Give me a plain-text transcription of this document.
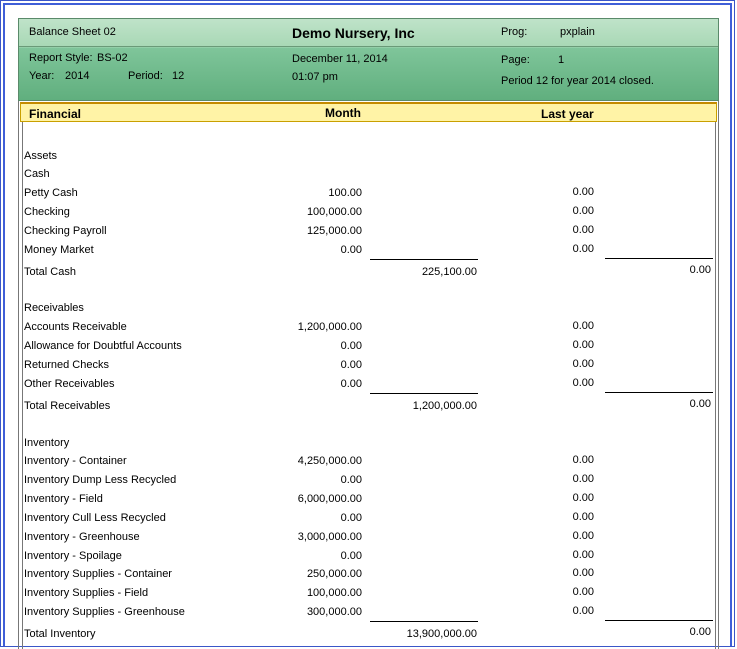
Balance Sheet 02	Demo Nursery, Inc	Prog:	pxplain
Report Style: BS-02
Year: 2014	Period: 12
December 11, 2014
01:07 pm
Page:	1
Period 12 for year 2014 closed.
Financial	Month	Last year
Assets
Cash
Petty Cash	100.00	0.00
Checking	100,000.00	0.00
Checking Payroll	125,000.00	0.00
Money Market	0.00	0.00
Total Cash	225,100.00	0.00
Receivables
Accounts Receivable	1,200,000.00	0.00
Allowance for Doubtful Accounts	0.00	0.00
Returned Checks	0.00	0.00
Other Receivables	0.00	0.00
Total Receivables	1,200,000.00	0.00
Inventory
Inventory - Container	4,250,000.00	0.00
Inventory Dump Less Recycled	0.00	0.00
Inventory - Field	6,000,000.00	0.00
Inventory Cull Less Recycled	0.00	0.00
Inventory - Greenhouse	3,000,000.00	0.00
Inventory - Spoilage	0.00	0.00
Inventory Supplies - Container	250,000.00	0.00
Inventory Supplies - Field	100,000.00	0.00
Inventory Supplies - Greenhouse	300,000.00	0.00
Total Inventory	13,900,000.00	0.00
